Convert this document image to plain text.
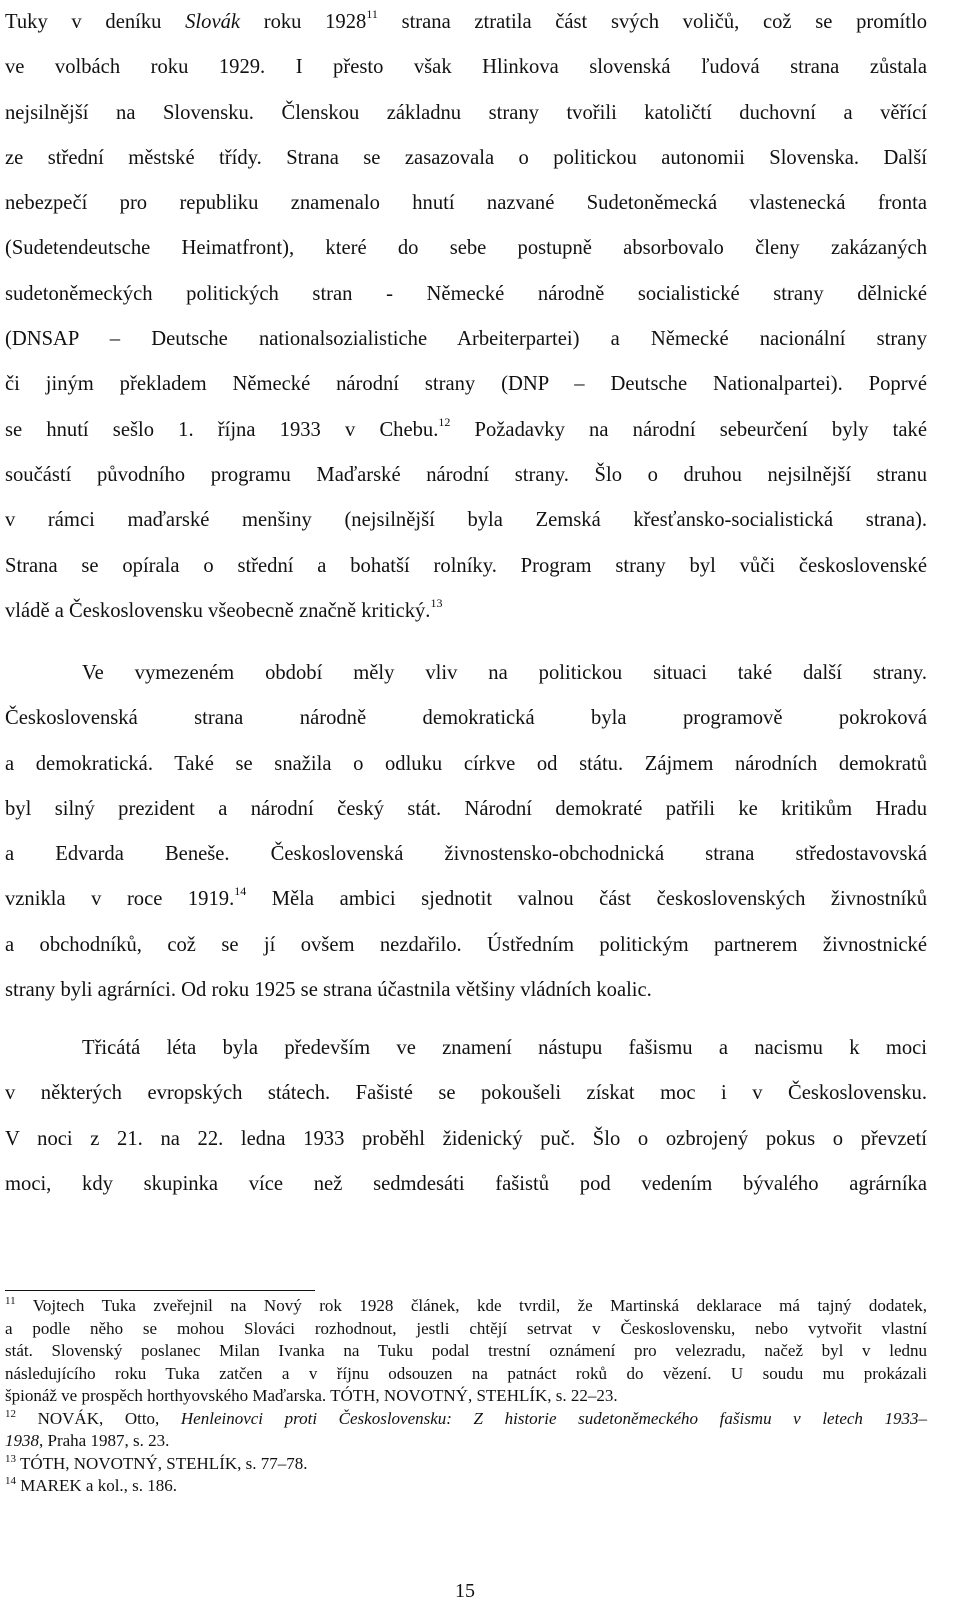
Tuky v deníku Slovák roku 1928$^{11}$ strana ztratila část svých voličů, což se promítlo
ve volbách roku 1929. I přesto však Hlinkova slovenská ľudová strana zůstala
nejsilnější na Slovensku. Členskou základnu strany tvořili katoličtí duchovní a věřící
ze střední městské třídy. Strana se zasazovala o politickou autonomii Slovenska. Další
nebezpečí pro republiku znamenalo hnutí nazvané Sudetoněmecká vlastenecká fronta
(Sudetendeutsche Heimatfront), které do sebe postupně absorbovalo členy zakázaných
sudetoněmeckých politických stran - Německé národně socialistické strany dělnické
(DNSAP – Deutsche nationalsozialistiche Arbeiterpartei) a Německé nacionální strany
či jiným překladem Německé národní strany (DNP – Deutsche Nationalpartei). Poprvé
se hnutí sešlo 1. října 1933 v Chebu.$^{12}$ Požadavky na národní sebeurčení byly také
součástí původního programu Maďarské národní strany. Šlo o druhou nejsilnější stranu
v rámci maďarské menšiny (nejsilnější byla Zemská křesťansko-socialistická strana).
Strana se opírala o střední a bohatší rolníky. Program strany byl vůči československé
vládě a Československu všeobecně značně kritický.$^{13}$
Ve vymezeném období měly vliv na politickou situaci také další strany.
Československá strana národně demokratická byla programově pokroková
a demokratická. Také se snažila o odluku církve od státu. Zájmem národních demokratů
byl silný prezident a národní český stát. Národní demokraté patřili ke kritikům Hradu
a Edvarda Beneše. Československá živnostensko-obchodnická strana středostavovská
vznikla v roce 1919.14 Měla ambici sjednotit valnou část československých živnostníků
a obchodníků, což se jí ovšem nezdařilo. Ústředním politickým partnerem živnostnické
strany byli agrárníci. Od roku 1925 se strana účastnila většiny vládních koalic.
Třicátá léta byla především ve znamení nástupu fašismu a nacismu k moci
v některých evropských státech. Fašisté se pokoušeli získat moc i v Československu.
V noci z 21. na 22. ledna 1933 proběhl židenický puč. Šlo o ozbrojený pokus o převzetí
moci, kdy skupinka více než sedmdesáti fašistů pod vedením bývalého agrárníka
$^{11}$ Vojtech Tuka zveřejnil na Nový rok 1928 článek, kde tvrdil, že Martinská deklarace má tajný dodatek,
a podle něho se mohou Slováci rozhodnout, jestli chtějí setrvat v Československu, nebo vytvořit vlastní
stát. Slovenský poslanec Milan Ivanka na Tuku podal trestní oznámení pro velezradu, načež byl v lednu
následujícího roku Tuka zatčen a v říjnu odsouzen na patnáct roků do vězení. U soudu mu prokázali
špionáž ve prospěch horthyovského Maďarska. TÓTH, NOVOTNÝ, STEHLÍK, s. 22–23.
$^{12}$ NOVÁK, Otto, Henleinovci proti Československu: Z historie sudetoněmeckého fašismu v letech 1933–
1938, Praha 1987, s. 23.
$^{13}$ TÓTH, NOVOTNÝ, STEHLÍK, s. 77–78.
$^{14}$ MAREK a kol., s. 186.
15
